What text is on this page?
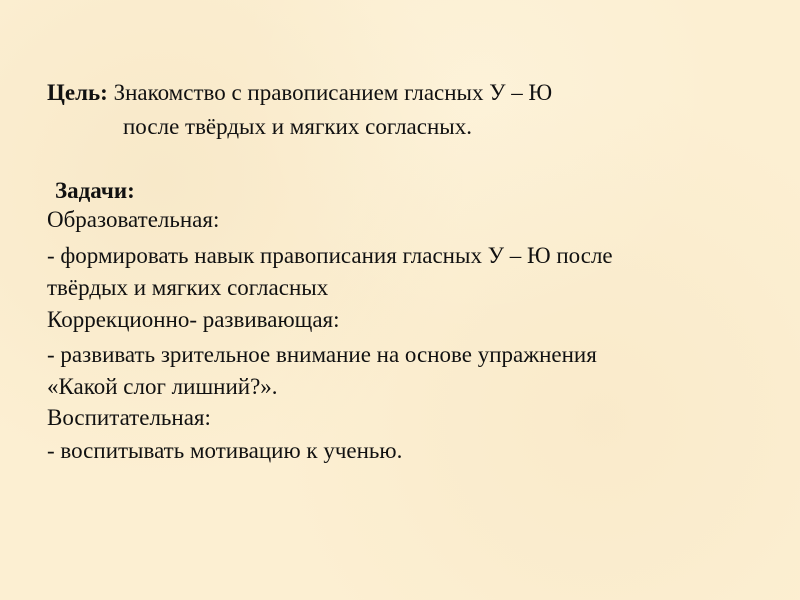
Цель: Знакомство с правописанием гласных У – Ю
после твёрдых и мягких согласных.
Задачи:
Образовательная:
- формировать навык правописания гласных У – Ю после
твёрдых и мягких согласных
Коррекционно- развивающая:
- развивать зрительное внимание на основе упражнения
«Какой слог лишний?».
Воспитательная:
- воспитывать мотивацию к ученью.
